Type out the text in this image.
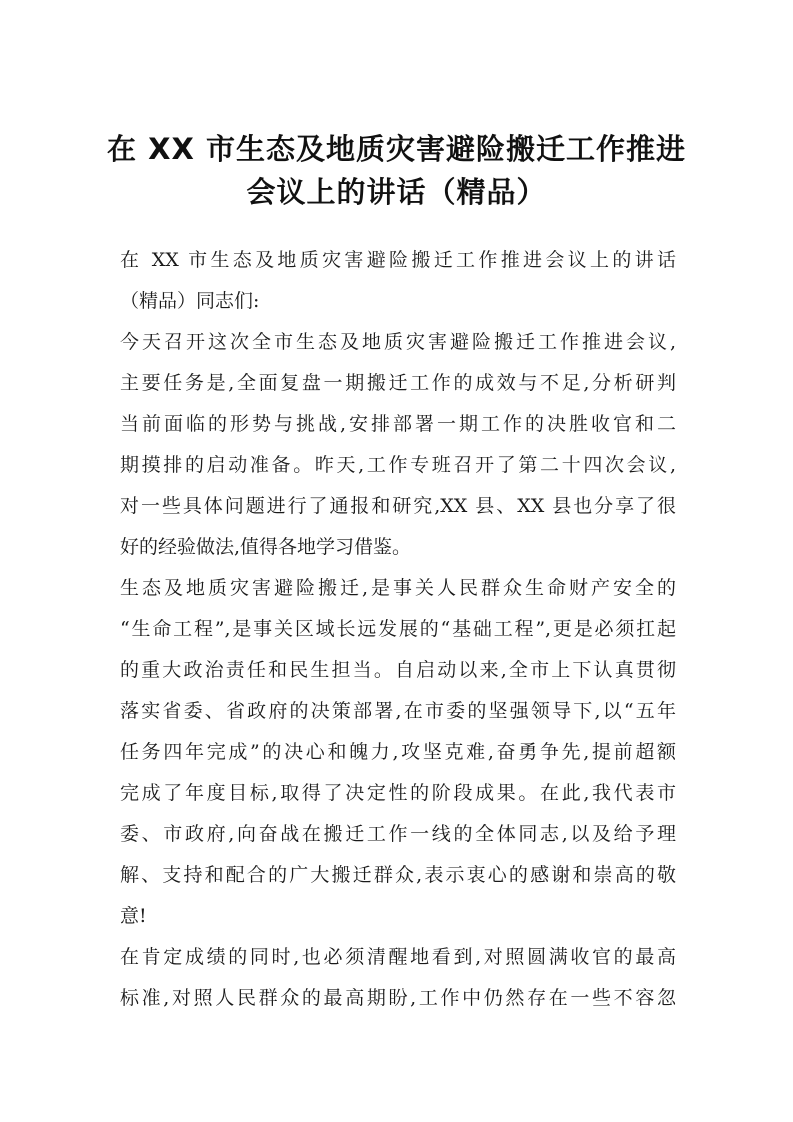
在 XX 市生态及地质灾害避险搬迁工作推进
会议上的讲话（精品）
在 XX 市生态及地质灾害避险搬迁工作推进会议上的讲话
（精品）同志们:
今天召开这次全市生态及地质灾害避险搬迁工作推进会议,
主要任务是,全面复盘一期搬迁工作的成效与不足,分析研判
当前面临的形势与挑战,安排部署一期工作的决胜收官和二
期摸排的启动准备。昨天,工作专班召开了第二十四次会议,
对一些具体问题进行了通报和研究,XX 县、XX 县也分享了很
好的经验做法,值得各地学习借鉴。
生态及地质灾害避险搬迁,是事关人民群众生命财产安全的
“生命工程”,是事关区域长远发展的“基础工程”,更是必须扛起
的重大政治责任和民生担当。自启动以来,全市上下认真贯彻
落实省委、省政府的决策部署,在市委的坚强领导下,以“五年
任务四年完成”的决心和魄力,攻坚克难,奋勇争先,提前超额
完成了年度目标,取得了决定性的阶段成果。在此,我代表市
委、市政府,向奋战在搬迁工作一线的全体同志,以及给予理
解、支持和配合的广大搬迁群众,表示衷心的感谢和崇高的敬
意!
在肯定成绩的同时,也必须清醒地看到,对照圆满收官的最高
标准,对照人民群众的最高期盼,工作中仍然存在一些不容忽
